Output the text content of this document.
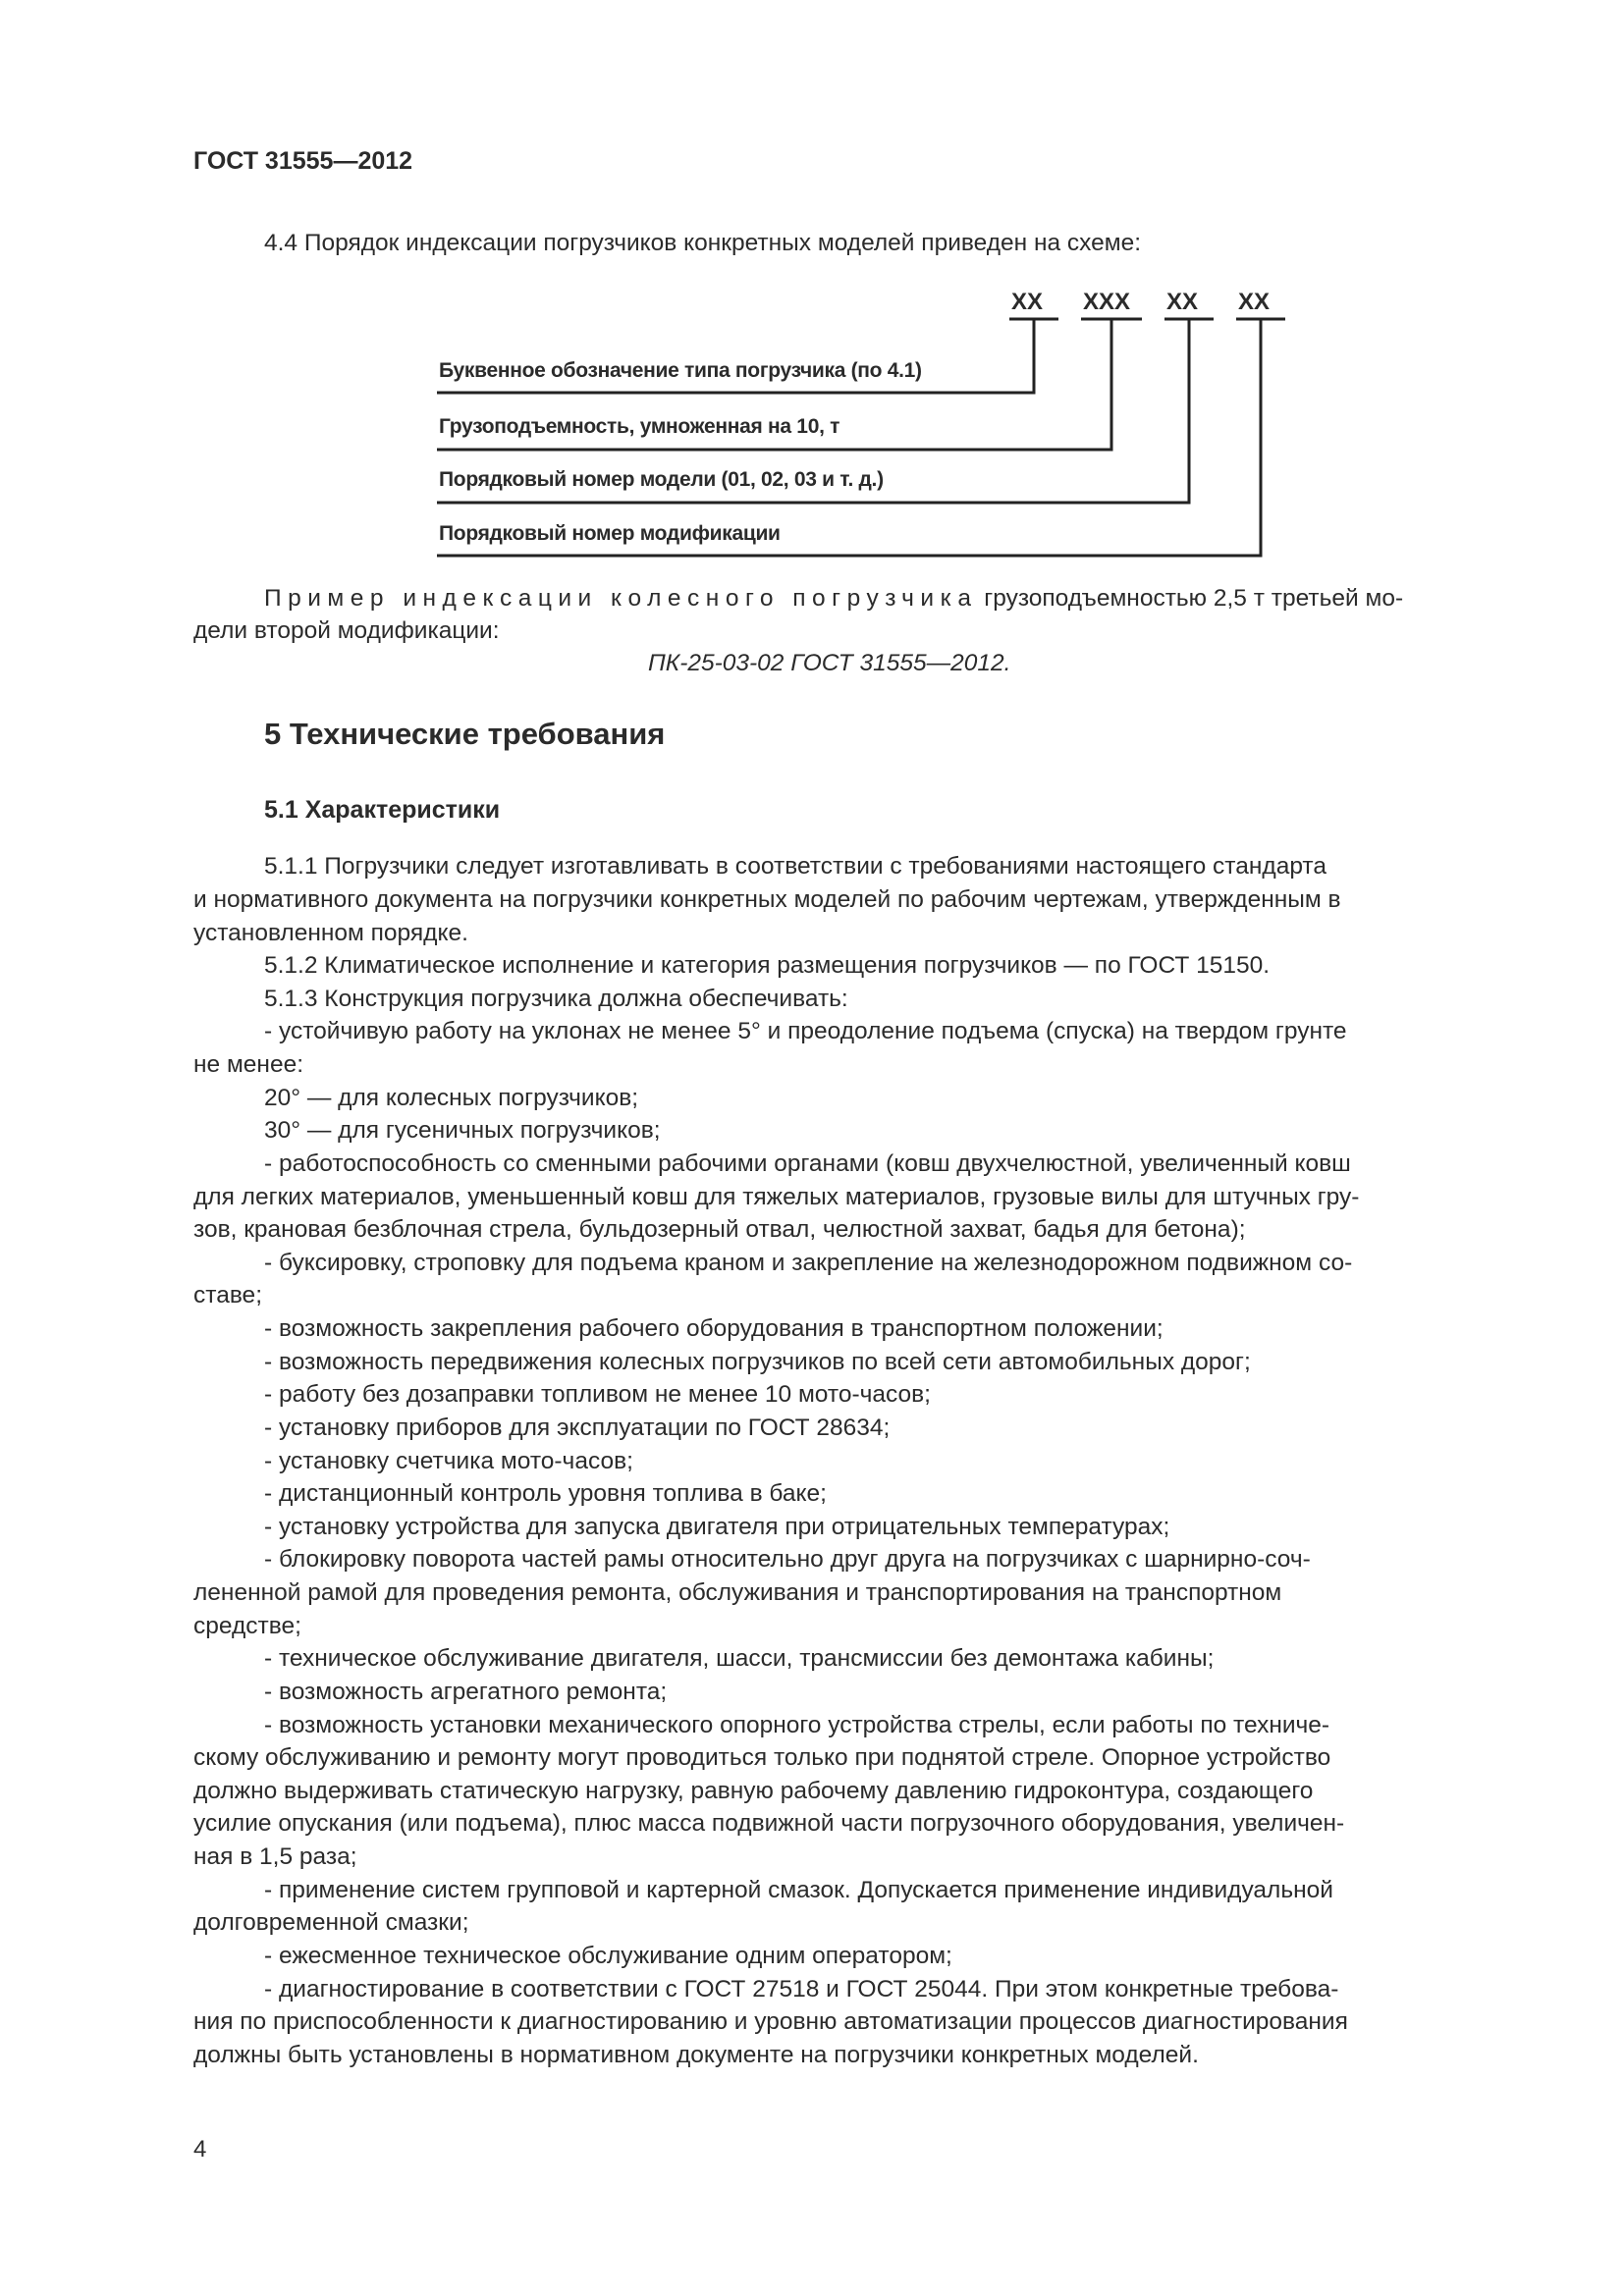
ГОСТ 31555—2012
4.4 Порядок индексации погрузчиков конкретных моделей приведен на схеме:
XX XXX XX XX
Буквенное обозначение типа погрузчика (по 4.1)
Грузоподъемность, умноженная на 10, т
Порядковый номер модели (01, 02, 03 и т. д.)
Порядковый номер модификации
Пример индексации колесного погрузчика грузоподъемностью 2,5 т третьей мо-
дели второй модификации:
ПК-25-03-02 ГОСТ 31555—2012.
5 Технические требования
5.1 Характеристики
5.1.1 Погрузчики следует изготавливать в соответствии с требованиями настоящего стандарта
и нормативного документа на погрузчики конкретных моделей по рабочим чертежам, утвержденным в
установленном порядке.
5.1.2 Климатическое исполнение и категория размещения погрузчиков — по ГОСТ 15150.
5.1.3 Конструкция погрузчика должна обеспечивать:
- устойчивую работу на уклонах не менее 5° и преодоление подъема (спуска) на твердом грунте
не менее:
20° — для колесных погрузчиков;
30° — для гусеничных погрузчиков;
- работоспособность со сменными рабочими органами (ковш двухчелюстной, увеличенный ковш
для легких материалов, уменьшенный ковш для тяжелых материалов, грузовые вилы для штучных гру-
зов, крановая безблочная стрела, бульдозерный отвал, челюстной захват, бадья для бетона);
- буксировку, строповку для подъема краном и закрепление на железнодорожном подвижном со-
ставе;
- возможность закрепления рабочего оборудования в транспортном положении;
- возможность передвижения колесных погрузчиков по всей сети автомобильных дорог;
- работу без дозаправки топливом не менее 10 мото-часов;
- установку приборов для эксплуатации по ГОСТ 28634;
- установку счетчика мото-часов;
- дистанционный контроль уровня топлива в баке;
- установку устройства для запуска двигателя при отрицательных температурах;
- блокировку поворота частей рамы относительно друг друга на погрузчиках с шарнирно-соч-
лененной рамой для проведения ремонта, обслуживания и транспортирования на транспортном
средстве;
- техническое обслуживание двигателя, шасси, трансмиссии без демонтажа кабины;
- возможность агрегатного ремонта;
- возможность установки механического опорного устройства стрелы, если работы по техниче-
скому обслуживанию и ремонту могут проводиться только при поднятой стреле. Опорное устройство
должно выдерживать статическую нагрузку, равную рабочему давлению гидроконтура, создающего
усилие опускания (или подъема), плюс масса подвижной части погрузочного оборудования, увеличен-
ная в 1,5 раза;
- применение систем групповой и картерной смазок. Допускается применение индивидуальной
долговременной смазки;
- ежесменное техническое обслуживание одним оператором;
- диагностирование в соответствии с ГОСТ 27518 и ГОСТ 25044. При этом конкретные требова-
ния по приспособленности к диагностированию и уровню автоматизации процессов диагностирования
должны быть установлены в нормативном документе на погрузчики конкретных моделей.
4
